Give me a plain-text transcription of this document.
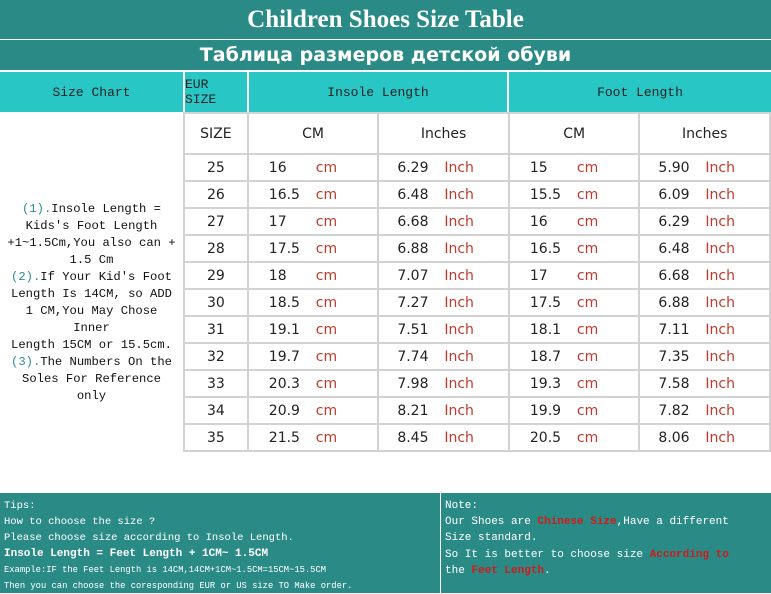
Children Shoes Size Table
Таблица размеров детской обуви
Size Chart	EUR SIZE	Insole Length	Foot Length
(1).Insole Length =
Kids's Foot Length
+1~1.5Cm,You also can +
1.5 Cm
(2).If Your Kid's Foot
Length Is 14CM, so ADD
1 CM,You May Chose Inner
Length 15CM or 15.5cm.
(3).The Numbers On the
Soles For Reference only
SIZE	CM	Inches	CM	Inches
25	16 cm	6.29 Inch	15 cm	5.90 Inch
26	16.5 cm	6.48 Inch	15.5 cm	6.09 Inch
27	17 cm	6.68 Inch	16 cm	6.29 Inch
28	17.5 cm	6.88 Inch	16.5 cm	6.48 Inch
29	18 cm	7.07 Inch	17 cm	6.68 Inch
30	18.5 cm	7.27 Inch	17.5 cm	6.88 Inch
31	19.1 cm	7.51 Inch	18.1 cm	7.11 Inch
32	19.7 cm	7.74 Inch	18.7 cm	7.35 Inch
33	20.3 cm	7.98 Inch	19.3 cm	7.58 Inch
34	20.9 cm	8.21 Inch	19.9 cm	7.82 Inch
35	21.5 cm	8.45 Inch	20.5 cm	8.06 Inch
Tips:
How to choose the size ?
Please choose size according to Insole Length.
Insole Length = Feet Length + 1CM~ 1.5CM
Example:IF the Feet Length is 14CM,14CM+1CM~1.5CM=15CM~15.5CM
Then you can choose the coresponding EUR or US size TO Make order.
Note:
Our Shoes are Chinese Size,Have a different
Size standard.
So It is better to choose size According to
the Feet Length.
